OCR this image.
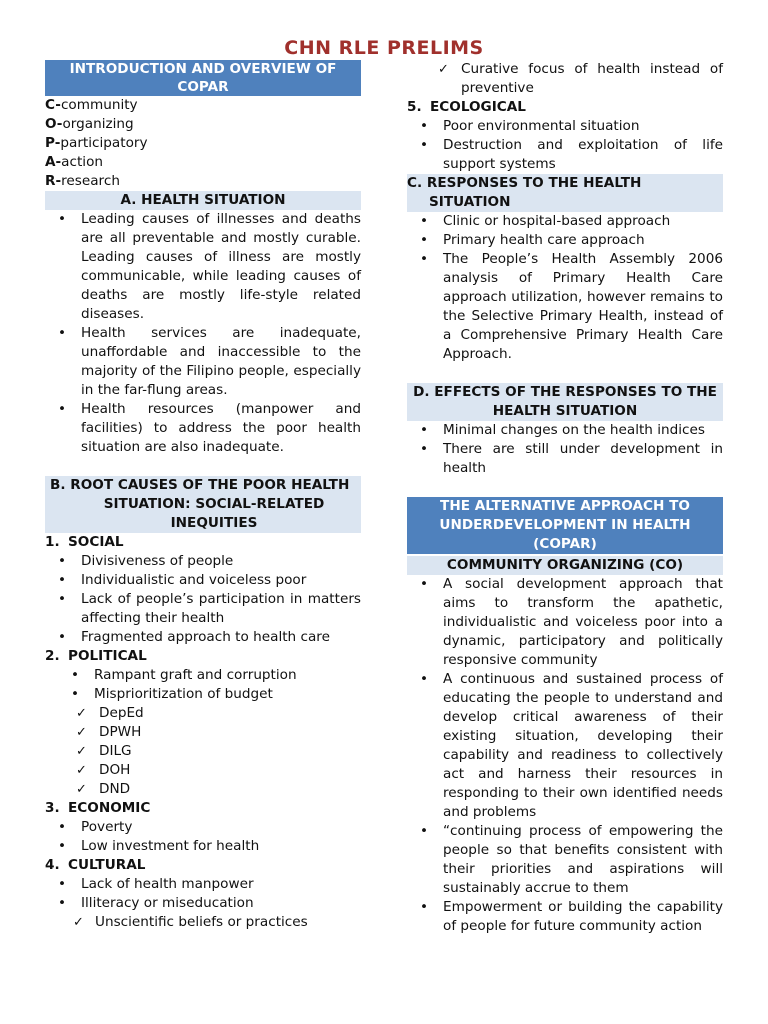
CHN RLE PRELIMS
INTRODUCTION AND OVERVIEW OF COPAR

C-community

O-organizing

P-participatory

A-action

R-research

A. HEALTH SITUATION
• Leading causes of illnesses and deaths are all preventable and mostly curable. Leading causes of illness are mostly communicable, while leading causes of deaths are mostly life-style related diseases.
• Health services are inadequate, unaffordable and inaccessible to the majority of the Filipino people, especially in the far-flung areas.
• Health resources (manpower and facilities) to address the poor health situation are also inadequate.
B. ROOT CAUSES OF THE POOR HEALTH
SITUATION: SOCIAL-RELATED INEQUITIES

1. SOCIAL

• Divisiveness of people
• Individualistic and voiceless poor
• Lack of people’s participation in matters affecting their health
• Fragmented approach to health care

2. POLITICAL

• Rampant graft and corruption
• Misprioritization of budget
✓ DepEd
✓ DPWH
✓ DILG
✓ DOH
✓ DND

3. ECONOMIC

• Poverty
• Low investment for health

4. CULTURAL

• Lack of health manpower
• Illiteracy or miseducation
✓ Unscientific beliefs or practices
✓ Curative focus of health instead of preventive

5. ECOLOGICAL

• Poor environmental situation
• Destruction and exploitation of life support systems
C. RESPONSES TO THE HEALTH
SITUATION
• Clinic or hospital-based approach
• Primary health care approach
• The People’s Health Assembly 2006 analysis of Primary Health Care approach utilization, however remains to the Selective Primary Health, instead of a Comprehensive Primary Health Care Approach.
D. EFFECTS OF THE RESPONSES TO THE
HEALTH SITUATION
• Minimal changes on the health indices
• There are still under development in health
THE ALTERNATIVE APPROACH TO UNDERDEVELOPMENT IN HEALTH (COPAR)
COMMUNITY ORGANIZING (CO)
• A social development approach that aims to transform the apathetic, individualistic and voiceless poor into a dynamic, participatory and politically responsive community
• A continuous and sustained process of educating the people to understand and develop critical awareness of their existing situation, developing their capability and readiness to collectively act and harness their resources in responding to their own identified needs and problems
• “continuing process of empowering the people so that benefits consistent with their priorities and aspirations will sustainably accrue to them
• Empowerment or building the capability of people for future community action
